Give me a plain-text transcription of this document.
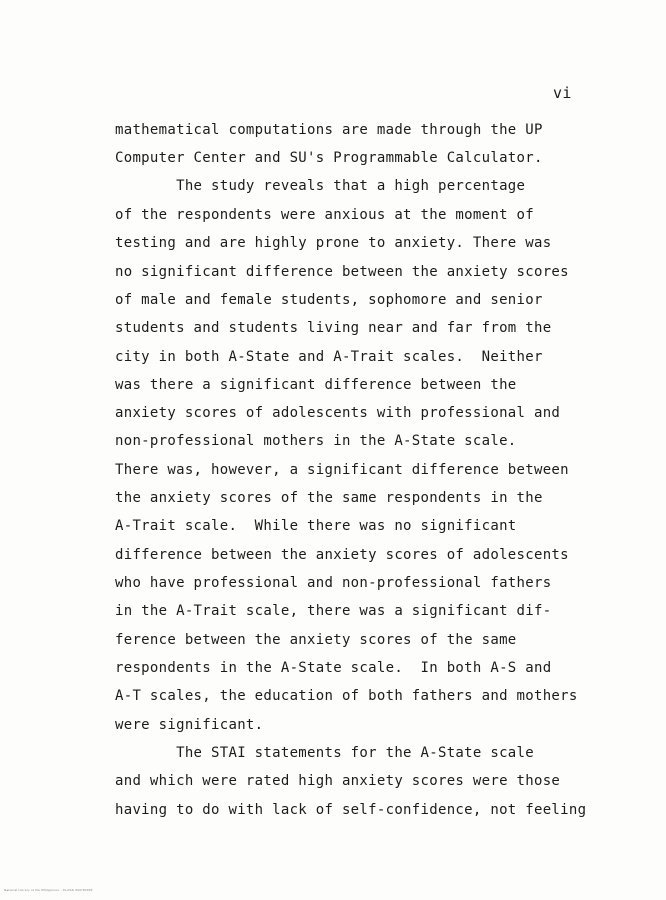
vi
mathematical computations are made through the UP
Computer Center and SU's Programmable Calculator.
The study reveals that a high percentage
of the respondents were anxious at the moment of
testing and are highly prone to anxiety. There was
no significant difference between the anxiety scores
of male and female students, sophomore and senior
students and students living near and far from the
city in both A-State and A-Trait scales.  Neither
was there a significant difference between the
anxiety scores of adolescents with professional and
non-professional mothers in the A-State scale.
There was, however, a significant difference between
the anxiety scores of the same respondents in the
A-Trait scale.  While there was no significant
difference between the anxiety scores of adolescents
who have professional and non-professional fathers
in the A-Trait scale, there was a significant dif-
ference between the anxiety scores of the same
respondents in the A-State scale.  In both A-S and
A-T scales, the education of both fathers and mothers
were significant.
The STAI statements for the A-State scale
and which were rated high anxiety scores were those
having to do with lack of self-confidence, not feeling
National Library of the Philippines · CLASS 003/TR003
